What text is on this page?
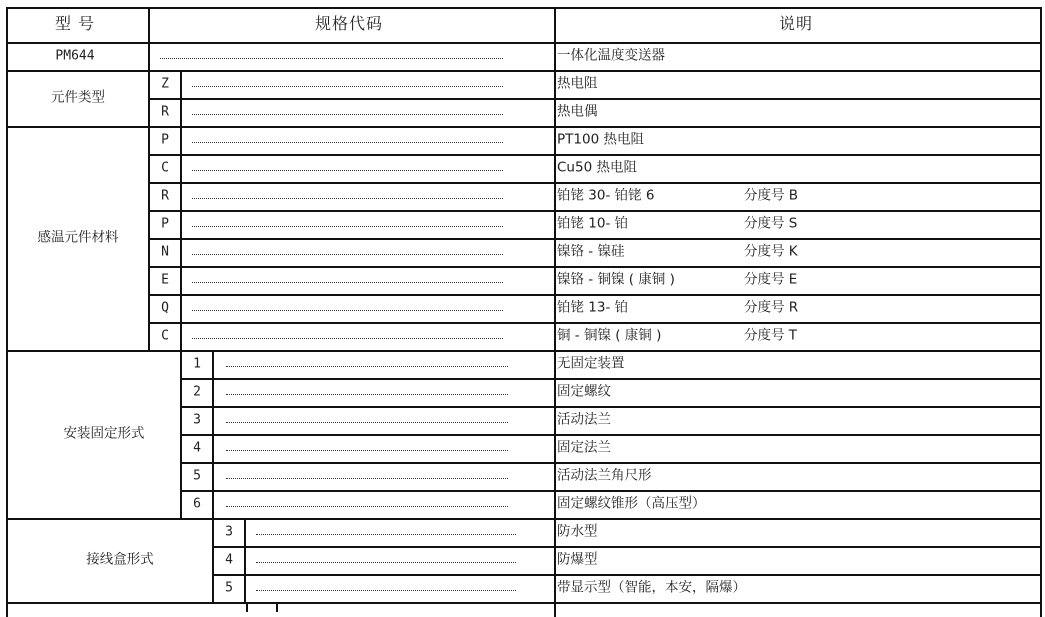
型 号	规格代码	说明
PM644	一体化温度变送器
元件类型
Z	热电阻
R	热电偶
感温元件材料
P	PT100 热电阻
C	Cu50 热电阻
R	铂铑 30- 铂铑 6	分度号 B
P	铂铑 10- 铂	分度号 S
N	镍铬 - 镍硅	分度号 K
E	镍铬 - 铜镍 ( 康铜 )	分度号 E
Q	铂铑 13- 铂	分度号 R
C	铜 - 铜镍 ( 康铜 )	分度号 T
安装固定形式
1	无固定装置
2	固定螺纹
3	活动法兰
4	固定法兰
5	活动法兰角尺形
6	固定螺纹锥形（高压型）
接线盒形式
3	防水型
4	防爆型
5	带显示型（智能，本安，隔爆）
